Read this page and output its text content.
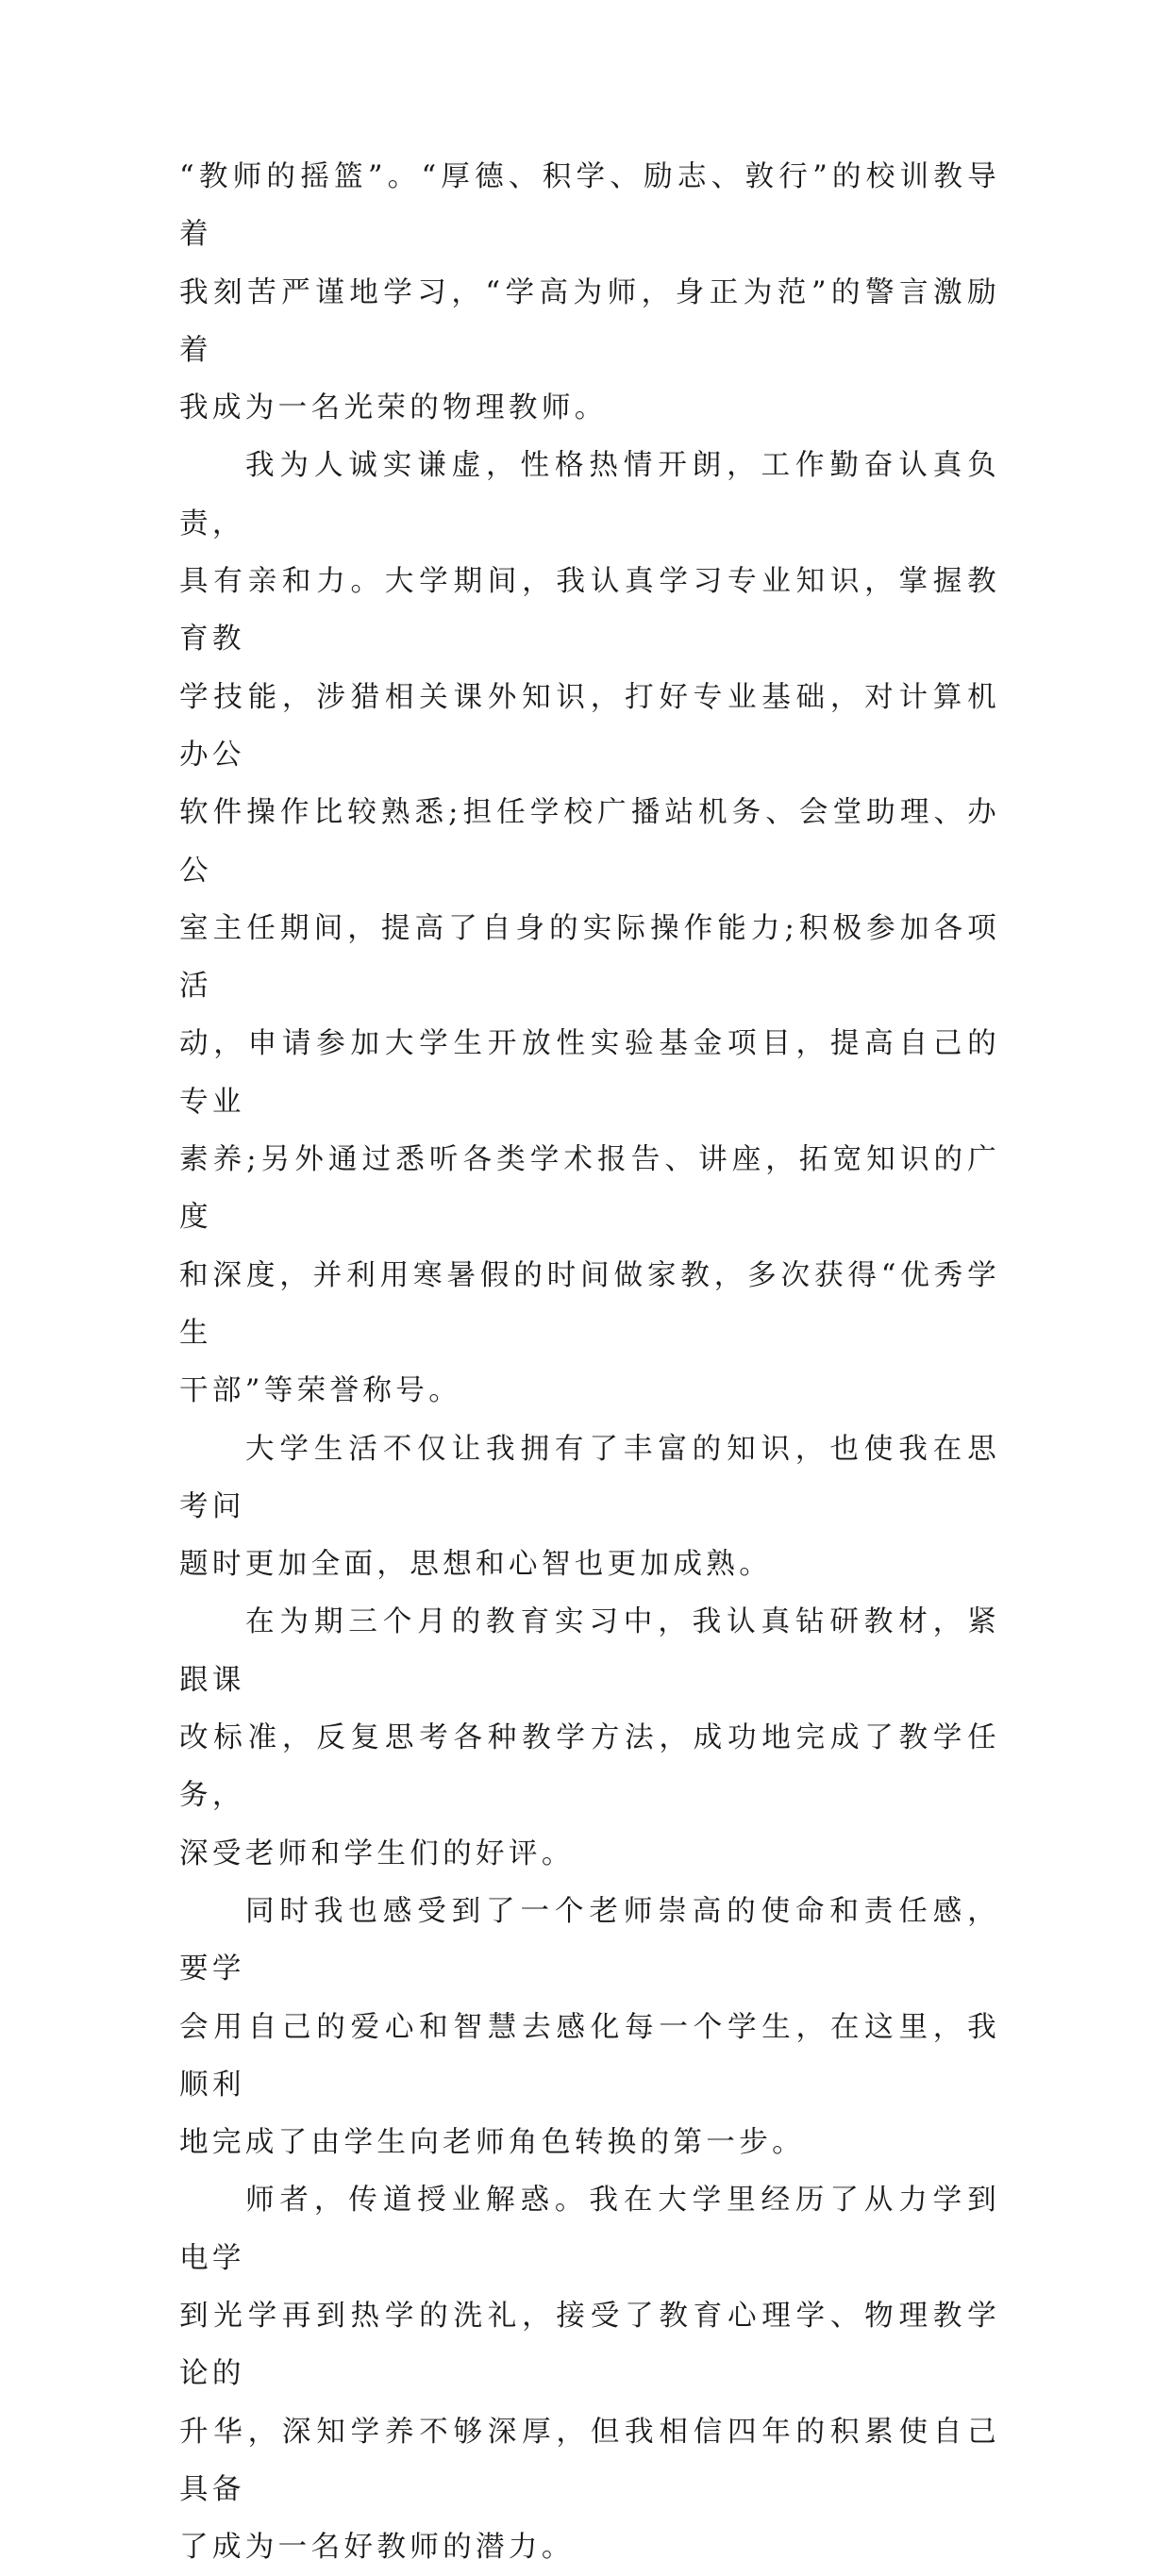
“教师的摇篮”。“厚德、积学、励志、敦行”的校训教导着
我刻苦严谨地学习，“学高为师，身正为范”的警言激励着
我成为一名光荣的物理教师。

我为人诚实谦虚，性格热情开朗，工作勤奋认真负责，
具有亲和力。大学期间，我认真学习专业知识，掌握教育教
学技能，涉猎相关课外知识，打好专业基础，对计算机办公
软件操作比较熟悉;担任学校广播站机务、会堂助理、办公
室主任期间，提高了自身的实际操作能力;积极参加各项活
动，申请参加大学生开放性实验基金项目，提高自己的专业
素养;另外通过悉听各类学术报告、讲座，拓宽知识的广度
和深度，并利用寒暑假的时间做家教，多次获得“优秀学生
干部”等荣誉称号。

大学生活不仅让我拥有了丰富的知识，也使我在思考问
题时更加全面，思想和心智也更加成熟。

在为期三个月的教育实习中，我认真钻研教材，紧跟课
改标准，反复思考各种教学方法，成功地完成了教学任务，
深受老师和学生们的好评。

同时我也感受到了一个老师崇高的使命和责任感，要学
会用自己的爱心和智慧去感化每一个学生，在这里，我顺利
地完成了由学生向老师角色转换的第一步。

师者，传道授业解惑。我在大学里经历了从力学到电学
到光学再到热学的洗礼，接受了教育心理学、物理教学论的
升华，深知学养不够深厚，但我相信四年的积累使自己具备
了成为一名好教师的潜力。
